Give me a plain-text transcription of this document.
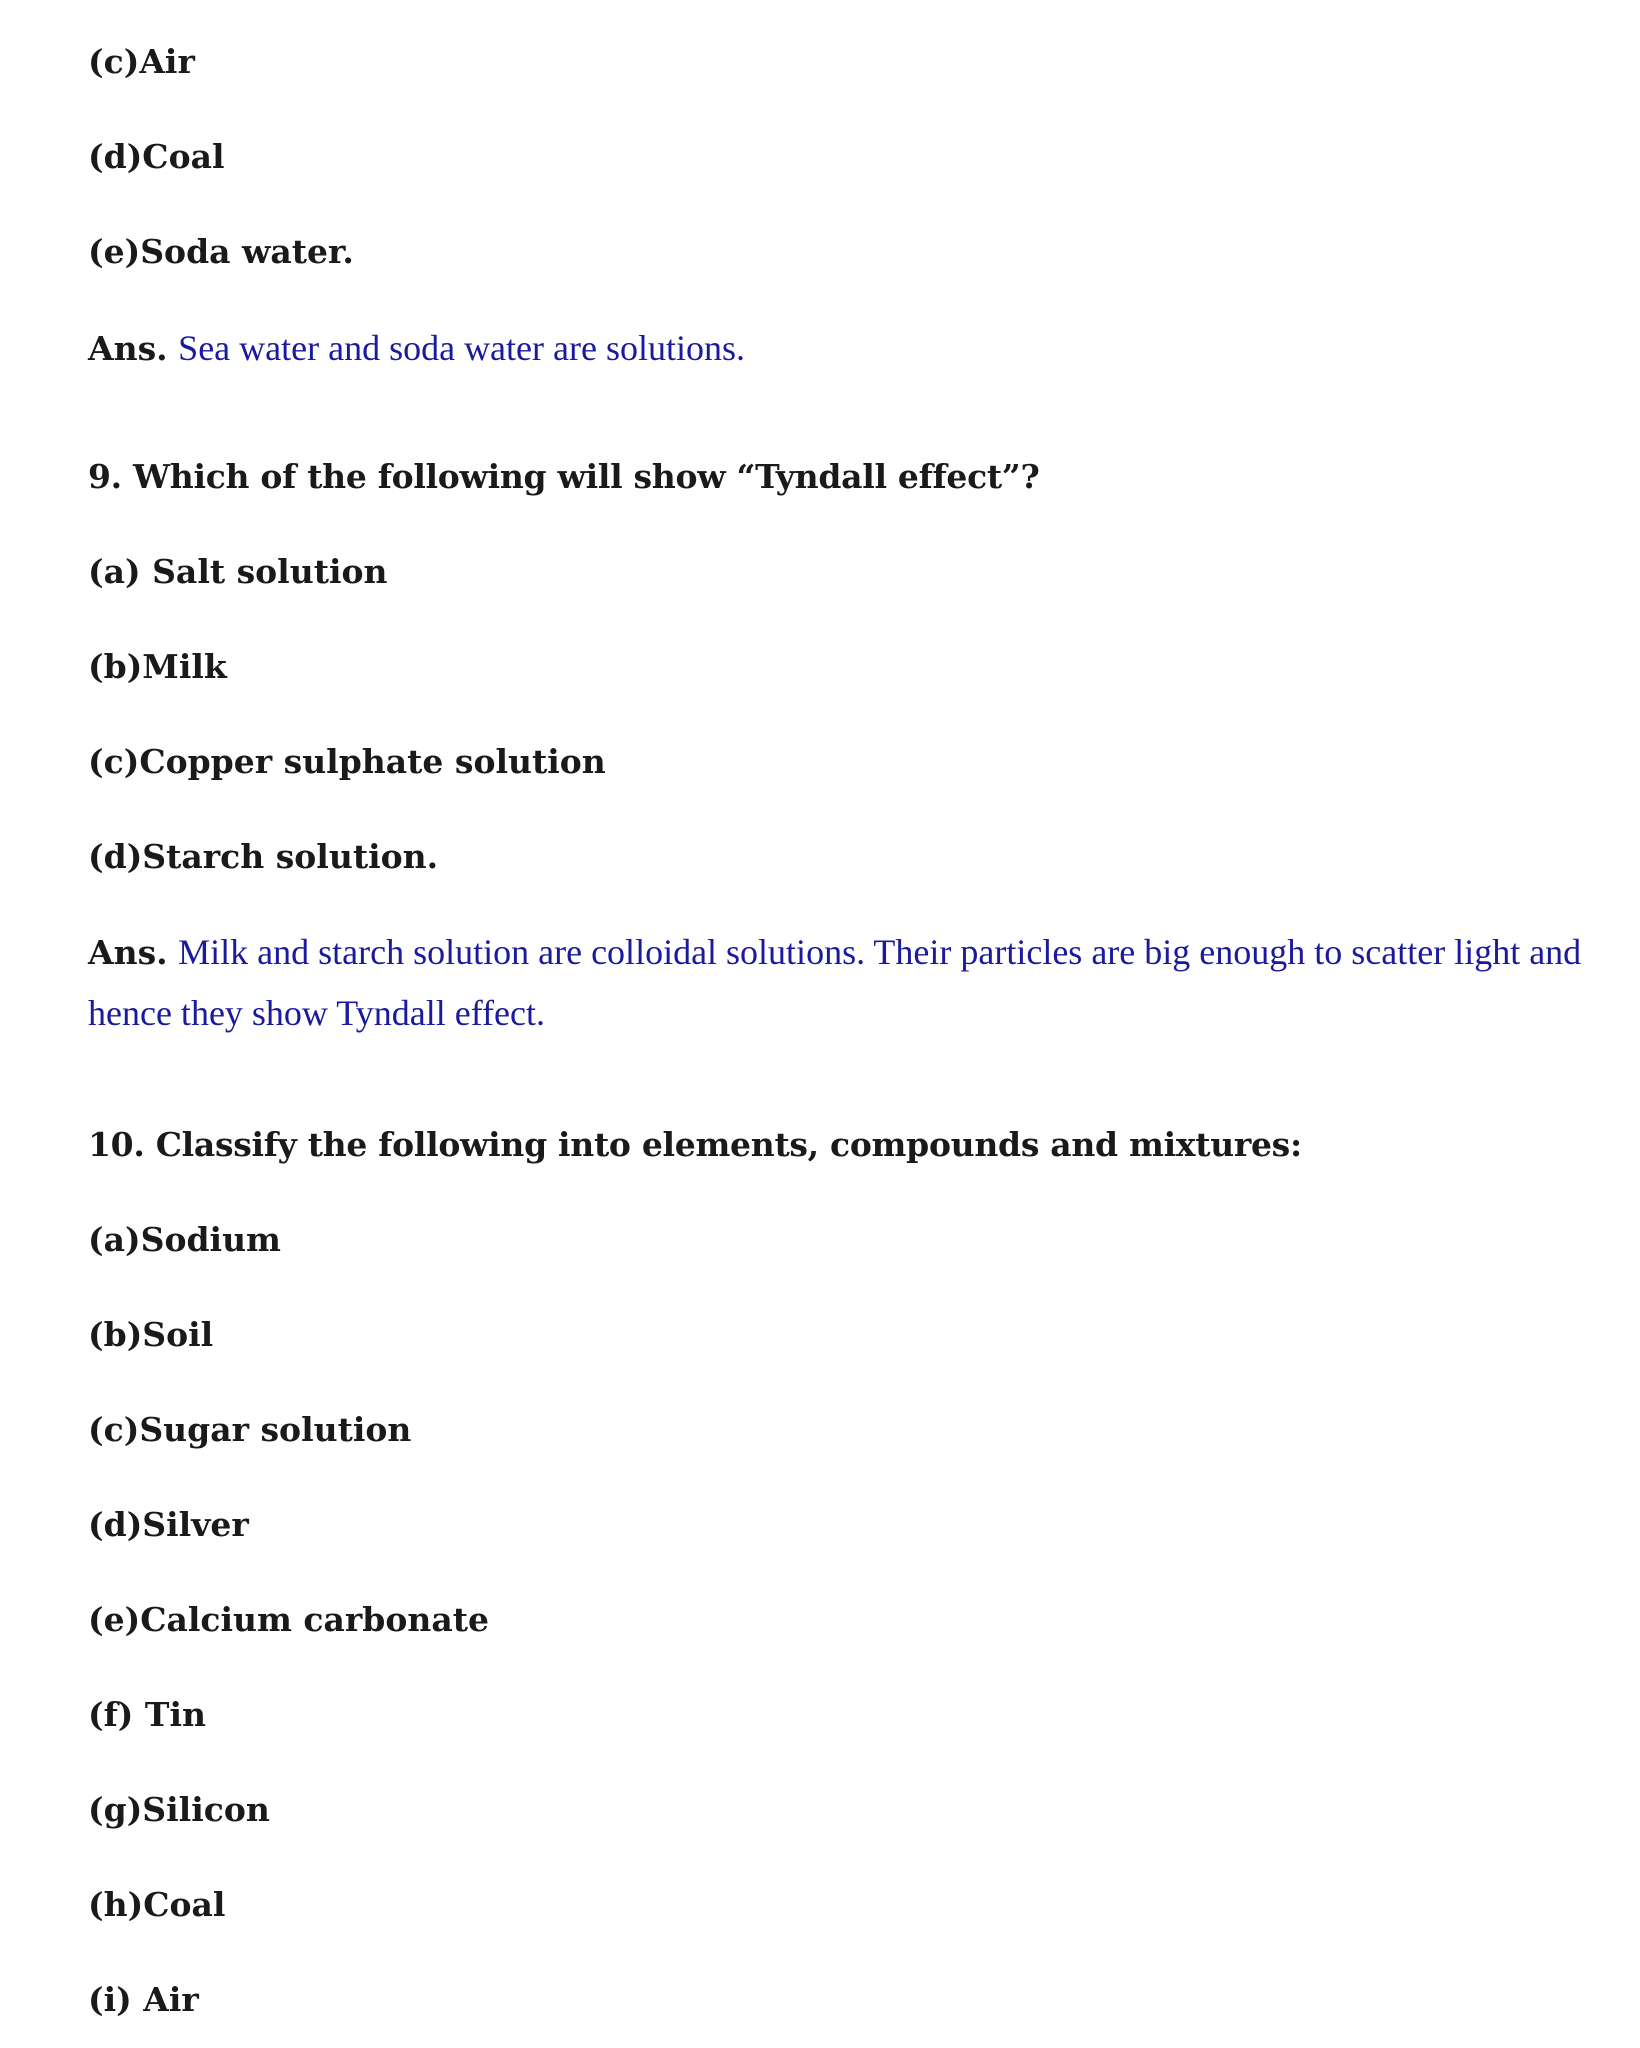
(c)Air
(d)Coal
(e)Soda water.
Ans. Sea water and soda water are solutions.
9. Which of the following will show “Tyndall effect”?
(a) Salt solution
(b)Milk
(c)Copper sulphate solution
(d)Starch solution.
Ans. Milk and starch solution are colloidal solutions. Their particles are big enough to scatter light and hence they show Tyndall effect.
10. Classify the following into elements, compounds and mixtures:
(a)Sodium
(b)Soil
(c)Sugar solution
(d)Silver
(e)Calcium carbonate
(f) Tin
(g)Silicon
(h)Coal
(i) Air
